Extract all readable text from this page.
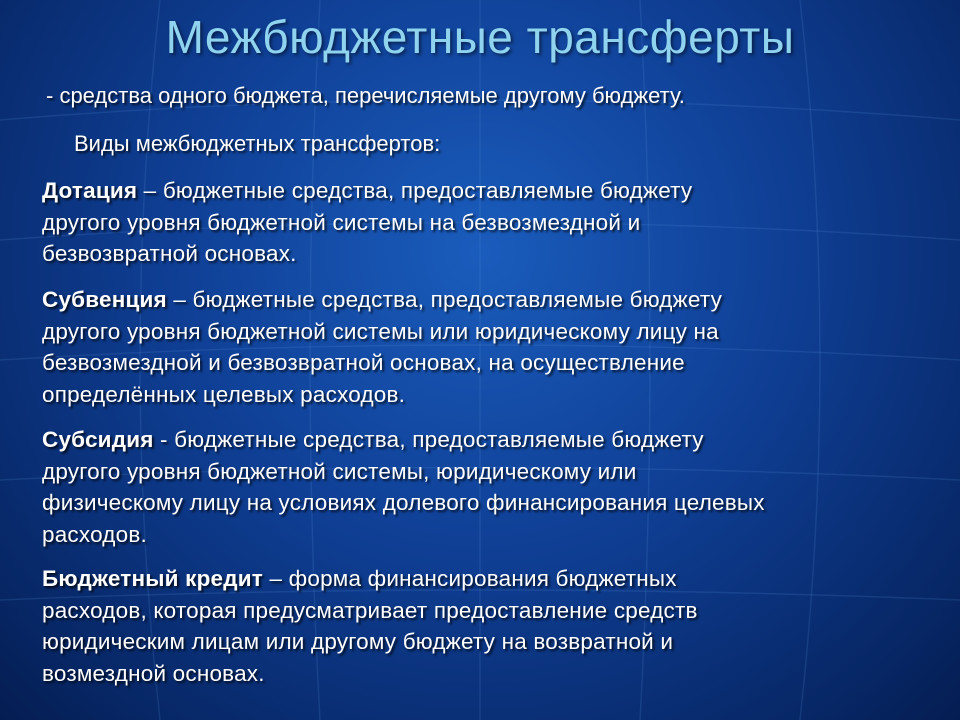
Межбюджетные трансферты
- средства одного бюджета, перечисляемые другому бюджету.
Виды межбюджетных трансфертов:
Дотация – бюджетные средства, предоставляемые бюджету
другого уровня бюджетной системы на безвозмездной и
безвозвратной основах.
Субвенция – бюджетные средства, предоставляемые бюджету
другого уровня бюджетной системы или юридическому лицу на
безвозмездной и безвозвратной основах, на осуществление
определённых целевых расходов.
Субсидия - бюджетные средства, предоставляемые бюджету
другого уровня бюджетной системы, юридическому или
физическому лицу на условиях долевого финансирования целевых
расходов.
Бюджетный кредит – форма финансирования бюджетных
расходов, которая предусматривает предоставление средств
юридическим лицам или другому бюджету на возвратной и
возмездной основах.
